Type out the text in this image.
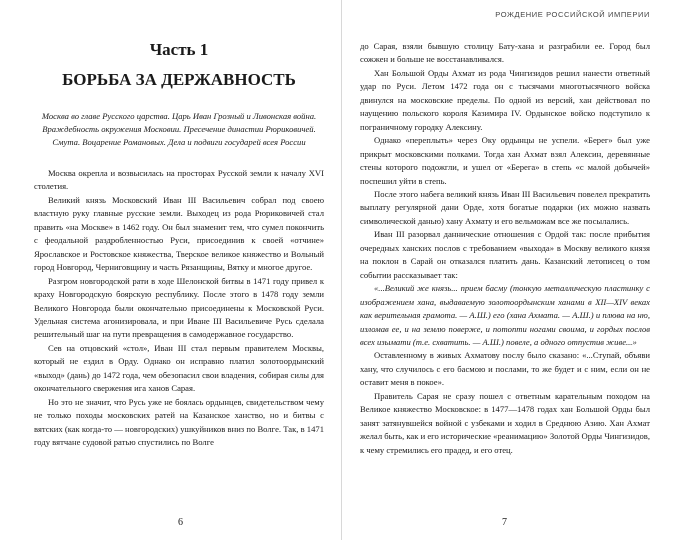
Часть 1
БОРЬБА ЗА ДЕРЖАВНОСТЬ
Москва во главе Русского царства. Царь Иван Грозный и Ливонская война. Враждебность окружения Московии. Пресечение династии Рюриковичей. Смута. Воцарение Романовых. Дела и подвиги государей всея России

Москва окрепла и возвысилась на просторах Русской земли к началу XVI столетия.

Великий князь Московский Иван III Васильевич собрал под своею властную руку главные русские земли. Выходец из рода Рюриковичей стал править «на Москве» в 1462 году. Он был знаменит тем, что сумел покончить с феодальной раздробленностью Руси, присоединив к своей «отчине» Ярославское и Ростовское княжества, Тверское великое княжество и Вольный город Новгород, Черниговщину и часть Рязанщины, Вятку и многое другое.

Разгром новгородской рати в ходе Шелонской битвы в 1471 году привел к краху Новгородскую боярскую республику. После этого в 1478 году земли Великого Новгорода были окончательно присоединены к Московской Руси. Удельная система агонизировала, и при Иване III Васильевиче Русь сделала решительный шаг на пути превращения в самодержавное государство.

Сев на отцовский «стол», Иван III стал первым правителем Москвы, который не ездил в Орду. Однако он исправно платил золотоордынский «выход» (дань) до 1472 года, чем обезопасил свои владения, собирая силы для окончательного свержения ига ханов Сарая.

Но это не значит, что Русь уже не боялась ордынцев, свидетельством чему не только походы московских ратей на Казанское ханство, но и битвы с вятских (как когда-то — новгородских) ушкуйников вниз по Волге. Так, в 1471 году вятчане судовой ратью спустились по Волге

6
РОЖДЕНИЕ РОССИЙСКОЙ ИМПЕРИИ

до Сарая, взяли бывшую столицу Бату-хана и разграбили ее. Город был сожжен и больше не восстанавливался.

Хан Большой Орды Ахмат из рода Чингизидов решил нанести ответный удар по Руси. Летом 1472 года он с тысячами многотысячного войска двинулся на московские пределы. По одной из версий, хан действовал по наущению польского короля Казимира IV. Ордынское войско подступило к пограничному городку Алексину.

Однако «переплыть» через Оку ордынцы не успели. «Берег» был уже прикрыт московскими полками. Тогда хан Ахмат взял Алексин, деревянные стены которого подожгли, и ушел от «Берега» в степь «с малой добычей» поспешил уйти в степь.

После этого набега великий князь Иван III Васильевич повелел прекратить выплату регулярной дани Орде, хотя богатые подарки (их можно назвать символической данью) хану Ахмату и его вельможам все же посылались.

Иван III разорвал даннические отношения с Ордой так: после прибытия очередных ханских послов с требованием «выхода» в Москву великого князя на поклон в Сарай он отказался платить дань. Казанский летописец о том событии рассказывает так:

«...Великий же князь... прием басму (тонкую металлическую пластинку с изображением хана, выдаваемую золотоордынским ханами в XII—XIV веках как верительная грамота. — А.Ш.) его (хана Ахмата. — А.Ш.) и плюва на ню, изломав ее, и на землю поверже, и потопти ногами своима, и гордых послов всех изымати (т.е. схватить. — А.Ш.) повеле, а одного отпустив живе...»

Оставленному в живых Ахматову послу было сказано: «...Ступай, объяви хану, что случилось с его басмою и послами, то же будет и с ним, если он не оставит меня в покое».

Правитель Сарая не сразу пошел с ответным карательным походом на Великое княжество Московское: в 1477—1478 годах хан Большой Орды был занят затянувшейся войной с узбеками и ходил в Среднюю Азию. Хан Ахмат желал быть, как и его исторические «реанимацию» Золотой Орды Чингизидов, к чему стремились его прадед, и его отец.

7
